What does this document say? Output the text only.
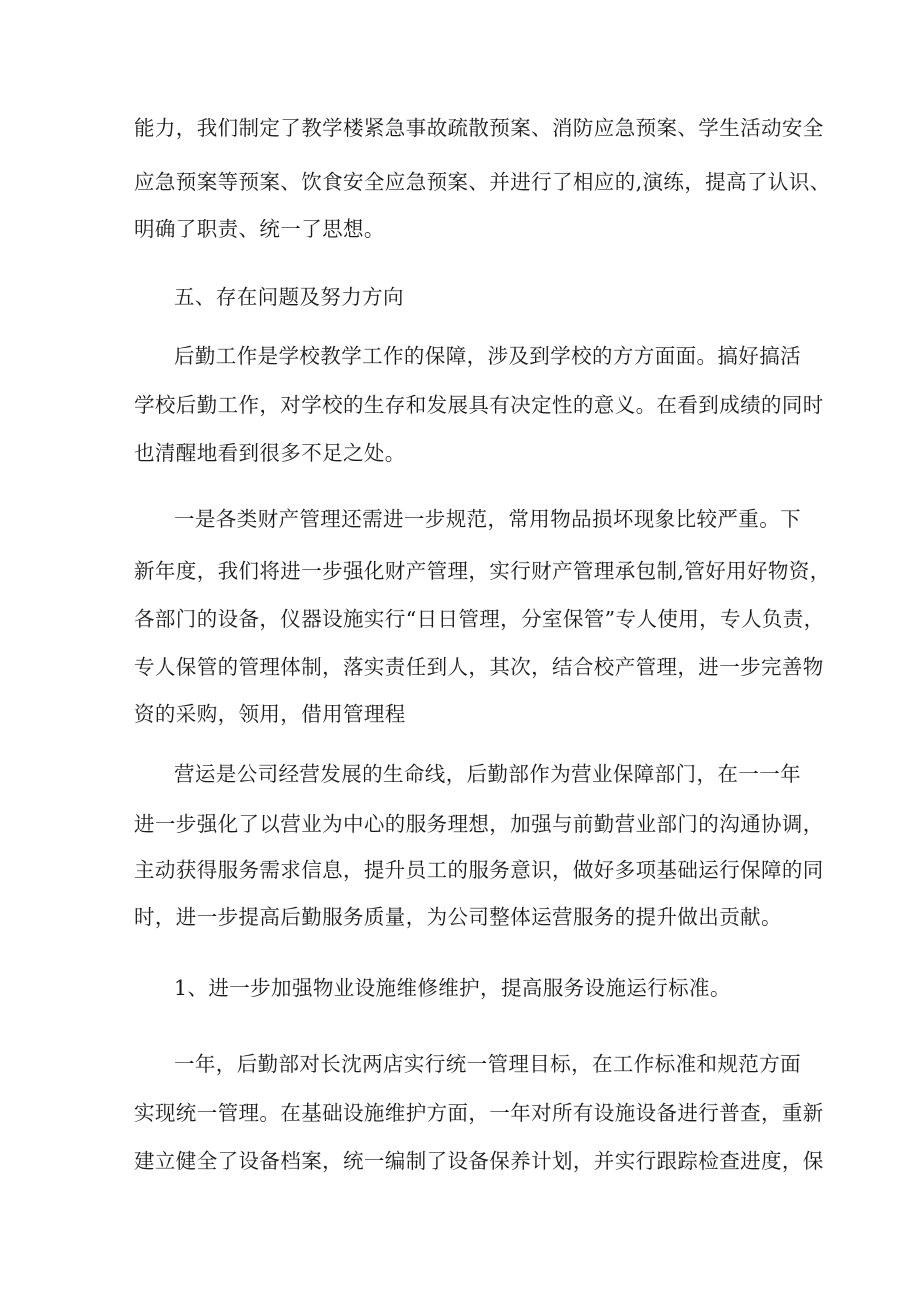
能力，我们制定了教学楼紧急事故疏散预案、消防应急预案、学生活动安全
应急预案等预案、饮食安全应急预案、并进行了相应的,演练，提高了认识、
明确了职责、统一了思想。
五、存在问题及努力方向
后勤工作是学校教学工作的保障，涉及到学校的方方面面。搞好搞活
学校后勤工作，对学校的生存和发展具有决定性的意义。在看到成绩的同时
也清醒地看到很多不足之处。
一是各类财产管理还需进一步规范，常用物品损坏现象比较严重。下
新年度，我们将进一步强化财产管理，实行财产管理承包制,管好用好物资，
各部门的设备，仪器设施实行“日日管理，分室保管”专人使用，专人负责，
专人保管的管理体制，落实责任到人，其次，结合校产管理，进一步完善物
资的采购，领用，借用管理程
营运是公司经营发展的生命线，后勤部作为营业保障部门，在一一年
进一步强化了以营业为中心的服务理想，加强与前勤营业部门的沟通协调，
主动获得服务需求信息，提升员工的服务意识，做好多项基础运行保障的同
时，进一步提高后勤服务质量，为公司整体运营服务的提升做出贡献。
1、进一步加强物业设施维修维护，提高服务设施运行标准。
一年，后勤部对长沈两店实行统一管理目标，在工作标准和规范方面
实现统一管理。在基础设施维护方面，一年对所有设施设备进行普查，重新
建立健全了设备档案，统一编制了设备保养计划，并实行跟踪检查进度，保
